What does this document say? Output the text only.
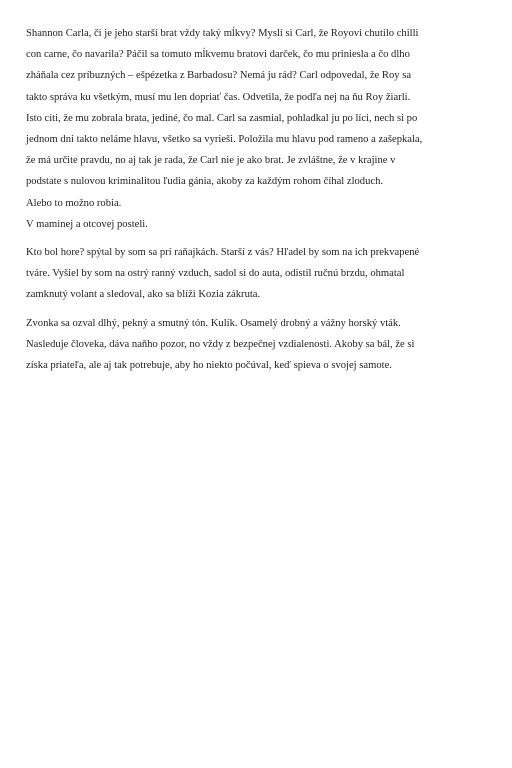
Shannon Carla, či je jeho starší brat vždy taký mĺkvy? Myslí si Carl, že Royovi chutilo chilli
con carne, čo navarila? Páčil sa tomuto mĺkvemu bratovi darček, čo mu priniesla a čo dlho
zháňala cez príbuzných – ešpézetka z Barbadosu? Nemá ju rád? Carl odpovedal, že Roy sa
takto správa ku všetkým, musí mu len dopriať čas. Odvetila, že podľa nej na ňu Roy žiarli.
Isto cíti, že mu zobrala brata, jediné, čo mal. Carl sa zasmial, pohladkal ju po líci, nech si po
jednom dni takto neláme hlavu, všetko sa vyrieši. Položila mu hlavu pod rameno a zašepkala,
že má určite pravdu, no aj tak je rada, že Carl nie je ako brat. Je zvláštne, že v krajine v
podstate s nulovou kriminalitou ľudia gánia, akoby za každým rohom číhal zloduch.

Alebo to možno robia.

V maminej a otcovej posteli.

Kto bol hore? spýtal by som sa pri raňajkách. Starší z vás? Hľadel by som na ich prekvapené
tváre. Vyšiel by som na ostrý ranný vzduch, sadol si do auta, odistil ručnú brzdu, ohmatal
zamknutý volant a sledoval, ako sa blíži Kozia zákruta.

Zvonka sa ozval dlhý, pekný a smutný tón. Kulík. Osamelý drobný a vážny horský vták.
Nasleduje človeka, dáva naňho pozor, no vždy z bezpečnej vzdialenosti. Akoby sa bál, že si
získa priateľa, ale aj tak potrebuje, aby ho niekto počúval, keď spieva o svojej samote.
